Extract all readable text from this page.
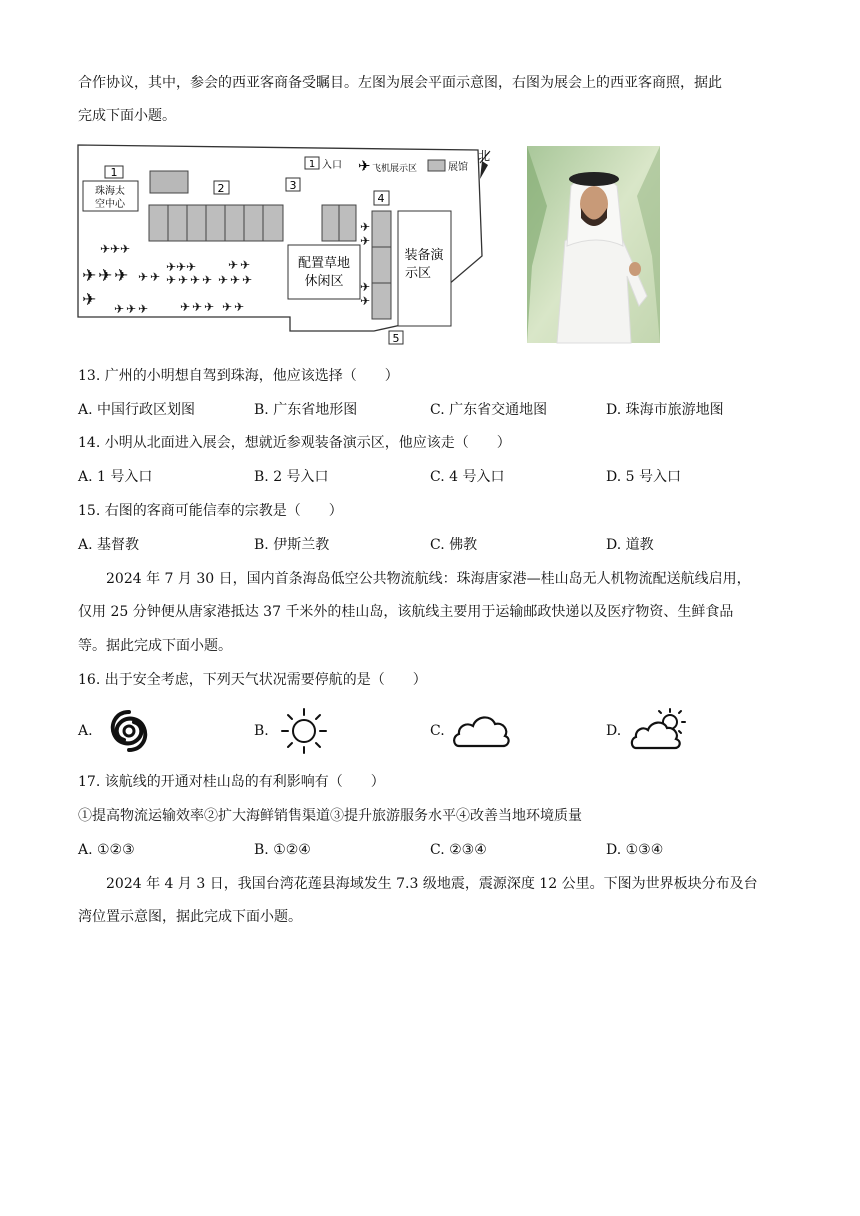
合作协议，其中，参会的西亚客商备受瞩目。左图为展会平面示意图，右图为展会上的西亚客商照，据此
完成下面小题。
1
珠海太
空中心
2	3
4
配置草地
休闲区
装备演
示区
5
1 入口 ✈ 飞机展示区	展馆
北
✈ ✈ ✈
✈ ✈ ✈	✈ ✈
✈ ✈ ✈ ✈ ✈ ✈ ✈ ✈ ✈ ✈ ✈ ✈
✈ ✈ ✈ ✈	✈ ✈ ✈ ✈ ✈
✈
✈
✈
✈
13. 广州的小明想自驾到珠海，他应该选择（　　）
A. 中国行政区划图	B. 广东省地形图	C. 广东省交通地图	D. 珠海市旅游地图
14. 小明从北面进入展会，想就近参观装备演示区，他应该走（　　）
A. 1 号入口	B. 2 号入口	C. 4 号入口	D. 5 号入口
15. 右图的客商可能信奉的宗教是（　　）
A. 基督教	B. 伊斯兰教	C. 佛教	D. 道教
2024 年 7 月 30 日，国内首条海岛低空公共物流航线：珠海唐家港—桂山岛无人机物流配送航线启用，
仅用 25 分钟便从唐家港抵达 37 千米外的桂山岛，该航线主要用于运输邮政快递以及医疗物资、生鲜食品
等。据此完成下面小题。
16. 出于安全考虑，下列天气状况需要停航的是（　　）
A.	B.	C.	D.
17. 该航线的开通对桂山岛的有利影响有（　　）
①提高物流运输效率②扩大海鲜销售渠道③提升旅游服务水平④改善当地环境质量
A. ①②③	B. ①②④	C. ②③④	D. ①③④
2024 年 4 月 3 日，我国台湾花莲县海域发生 7.3 级地震，震源深度 12 公里。下图为世界板块分布及台
湾位置示意图，据此完成下面小题。
